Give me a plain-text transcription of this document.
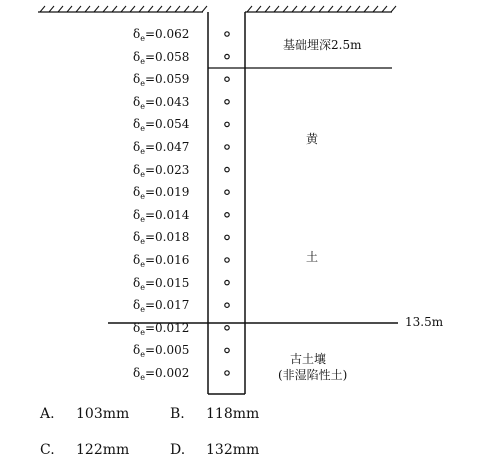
$\delta_e=0.062$
$\delta_e=0.058$
$\delta_e=0.059$
$\delta_e=0.043$
$\delta_e=0.054$
$\delta_e=0.047$
$\delta_e=0.023$
$\delta_e=0.019$
$\delta_e=0.014$
$\delta_e=0.018$
$\delta_e=0.016$
$\delta_e=0.015$
$\delta_e=0.017$
$\delta_e=0.012$
$\delta_e=0.005$
$\delta_e=0.002$
基础埋深2.5m
黄
土
13.5m
古土壤
(非湿陷性土)
A. 103mm	B. 118mm
C. 122mm	D. 132mm
